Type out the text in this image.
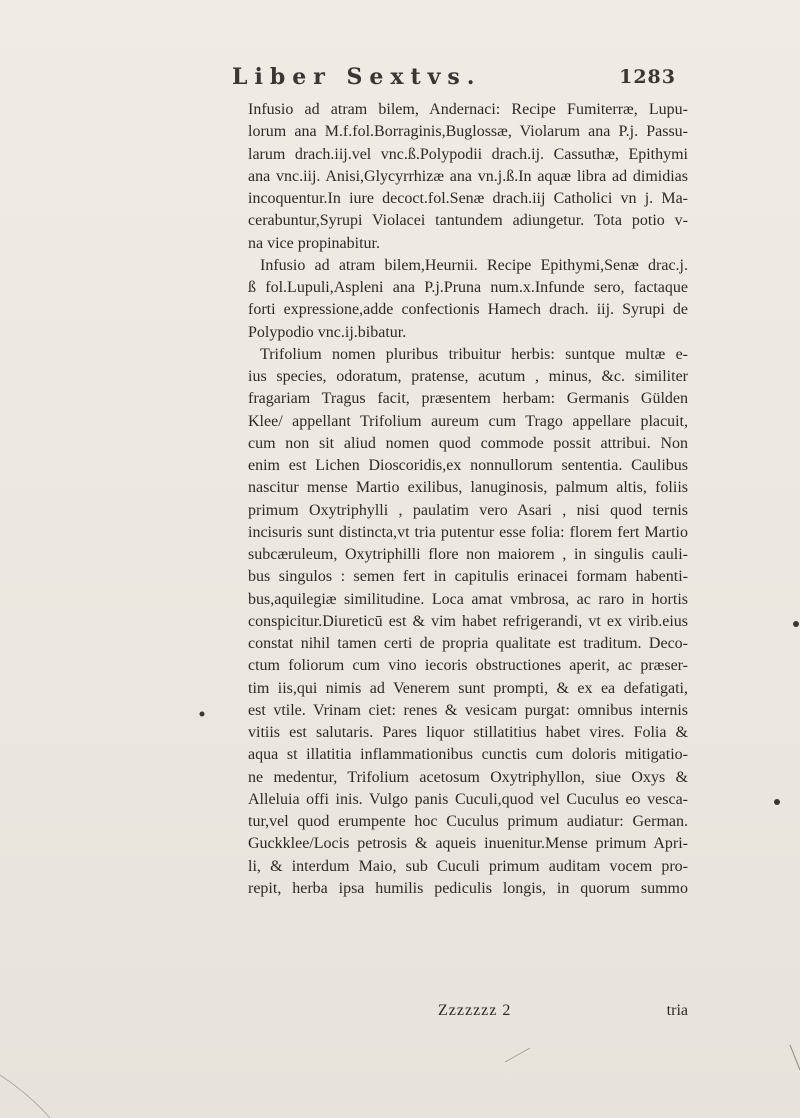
Liber Sextvs.	1283
Infusio ad atram bilem, Andernaci: Recipe Fumiterræ, Lupu-
lorum ana M.f.fol.Borraginis,Buglossæ, Violarum ana P.j. Passu-
larum drach.iij.vel vnc.ß.Polypodii drach.ij. Cassuthæ, Epithymi
ana vnc.iij. Anisi,Glycyrrhizæ ana vn.j.ß.In aquæ libra ad dimidias
incoquentur.In iure decoct.fol.Senæ drach.iij Catholici vn j. Ma-
cerabuntur,Syrupi Violacei tantundem adiungetur. Tota potio v-
na vice propinabitur.
Infusio ad atram bilem,Heurnii. Recipe Epithymi,Senæ drac.j.
ß fol.Lupuli,Aspleni ana P.j.Pruna num.x.Infunde sero, factaque
forti expressione,adde confectionis Hamech drach. iij. Syrupi de
Polypodio vnc.ij.bibatur.
Trifolium nomen pluribus tribuitur herbis: suntque multæ e-
ius species, odoratum, pratense, acutum , minus, &c. similiter
fragariam Tragus facit, præsentem herbam: Germanis Gülden
Klee/ appellant Trifolium aureum cum Trago appellare placuit,
cum non sit aliud nomen quod commode possit attribui. Non
enim est Lichen Dioscoridis,ex nonnullorum sententia. Caulibus
nascitur mense Martio exilibus, lanuginosis, palmum altis, foliis
primum Oxytriphylli , paulatim vero Asari , nisi quod ternis
incisuris sunt distincta,vt tria putentur esse folia: florem fert Martio
subcæruleum, Oxytriphilli flore non maiorem , in singulis cauli-
bus singulos : semen fert in capitulis erinacei formam habenti-
bus,aquilegiæ similitudine. Loca amat vmbrosa, ac raro in hortis
conspicitur.Diureticū est & vim habet refrigerandi, vt ex virib.eius
constat nihil tamen certi de propria qualitate est traditum. Deco-
ctum foliorum cum vino iecoris obstructiones aperit, ac præser-
tim iis,qui nimis ad Venerem sunt prompti, & ex ea defatigati,
est vtile. Vrinam ciet: renes & vesicam purgat: omnibus internis
vitiis est salutaris. Pares liquor stillatitius habet vires. Folia &
aqua st illatitia inflammationibus cunctis cum doloris mitigatio-
ne medentur, Trifolium acetosum Oxytriphyllon, siue Oxys &
Alleluia offi inis. Vulgo panis Cuculi,quod vel Cuculus eo vesca-
tur,vel quod erumpente hoc Cuculus primum audiatur: German.
Guckklee/Locis petrosis & aqueis inuenitur.Mense primum Apri-
li, & interdum Maio, sub Cuculi primum auditam vocem pro-
repit, herba ipsa humilis pediculis longis, in quorum summo
Zzzzzzz 2	tria
